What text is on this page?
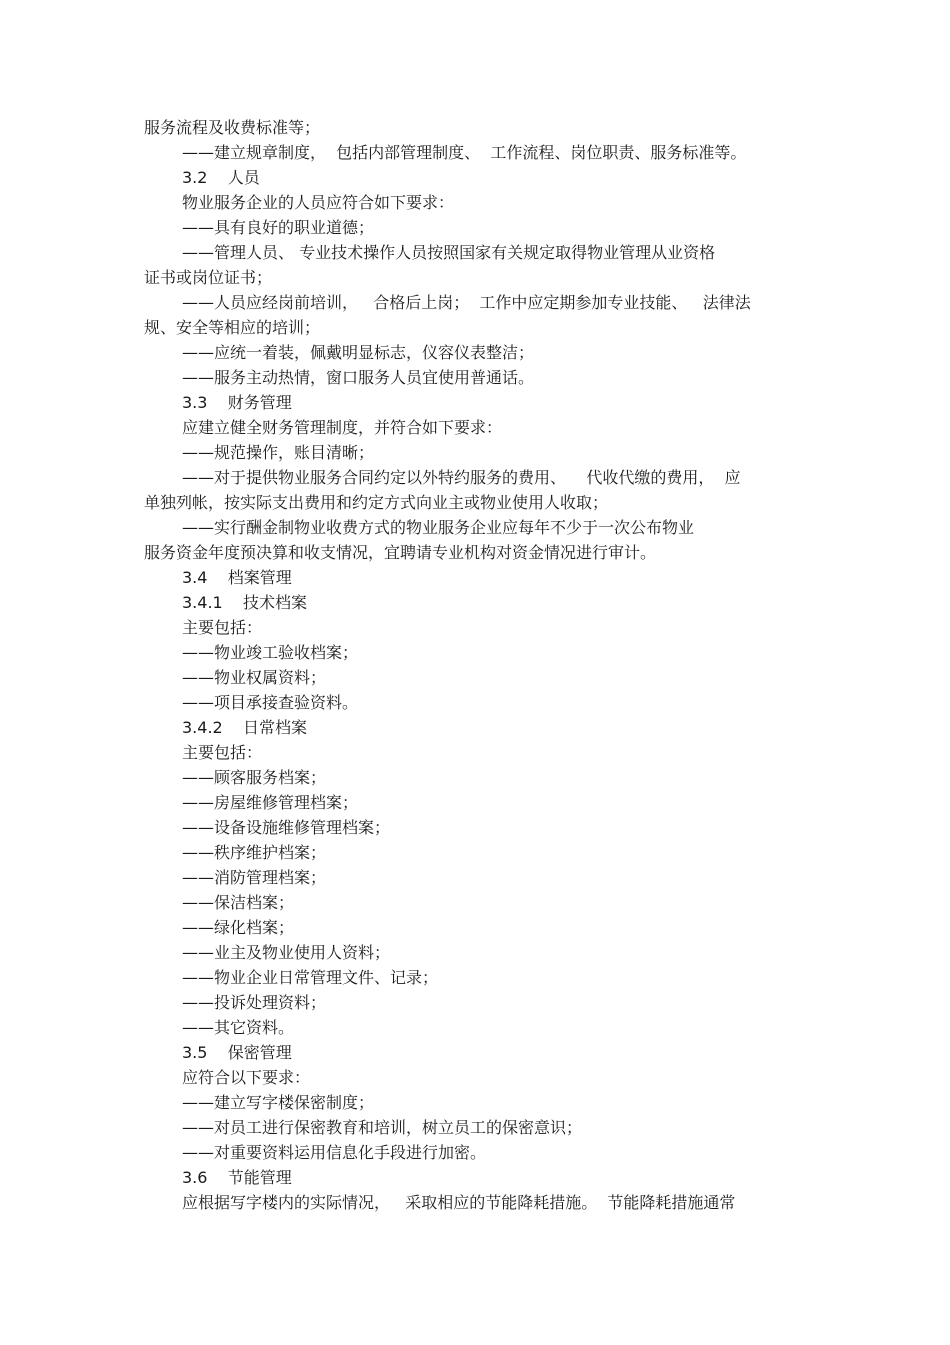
服务流程及收费标准等；
——建立规章制度，  包括内部管理制度、  工作流程、岗位职责、服务标准等。
3.2    人员
物业服务企业的人员应符合如下要求：
——具有良好的职业道德；
——管理人员、 专业技术操作人员按照国家有关规定取得物业管理从业资格
证书或岗位证书；
——人员应经岗前培训，   合格后上岗；  工作中应定期参加专业技能、   法律法
规、安全等相应的培训；
——应统一着装，佩戴明显标志，仪容仪表整洁；
——服务主动热情，窗口服务人员宜使用普通话。
3.3    财务管理
应建立健全财务管理制度，并符合如下要求：
——规范操作，账目清晰；
——对于提供物业服务合同约定以外特约服务的费用、    代收代缴的费用，  应
单独列帐，按实际支出费用和约定方式向业主或物业使用人收取；
——实行酬金制物业收费方式的物业服务企业应每年不少于一次公布物业
服务资金年度预决算和收支情况，宜聘请专业机构对资金情况进行审计。
3.4    档案管理
3.4.1    技术档案
主要包括：
——物业竣工验收档案；
——物业权属资料；
——项目承接查验资料。
3.4.2    日常档案
主要包括：
——顾客服务档案；
——房屋维修管理档案；
——设备设施维修管理档案；
——秩序维护档案；
——消防管理档案；
——保洁档案；
——绿化档案；
——业主及物业使用人资料；
——物业企业日常管理文件、记录；
——投诉处理资料；
——其它资料。
3.5    保密管理
应符合以下要求：
——建立写字楼保密制度；
——对员工进行保密教育和培训，树立员工的保密意识；
——对重要资料运用信息化手段进行加密。
3.6    节能管理
应根据写字楼内的实际情况，   采取相应的节能降耗措施。  节能降耗措施通常
